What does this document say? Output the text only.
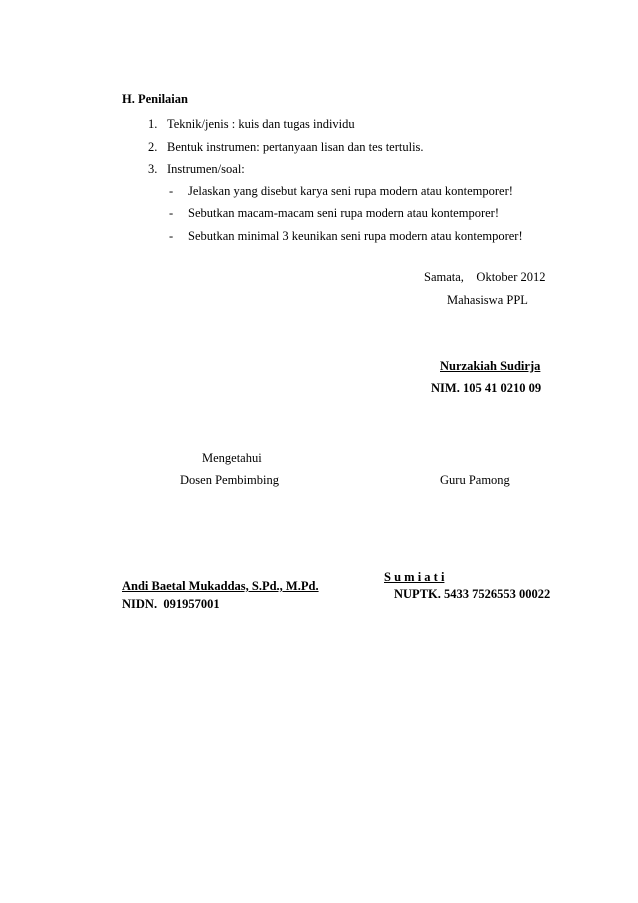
H. Penilaian
1. Teknik/jenis : kuis dan tugas individu
2. Bentuk instrumen: pertanyaan lisan dan tes tertulis.
3. Instrumen/soal:
- Jelaskan yang disebut karya seni rupa modern atau kontemporer!
- Sebutkan macam-macam seni rupa modern atau kontemporer!
- Sebutkan minimal 3 keunikan seni rupa modern atau kontemporer!
Samata,    Oktober 2012
Mahasiswa PPL
Nurzakiah Sudirja
NIM. 105 41 0210 09
Mengetahui
Dosen Pembimbing	Guru Pamong
Andi Baetal Mukaddas, S.Pd., M.Pd.
NIDN.  091957001
S u m i a t i
NUPTK. 5433 7526553 00022
